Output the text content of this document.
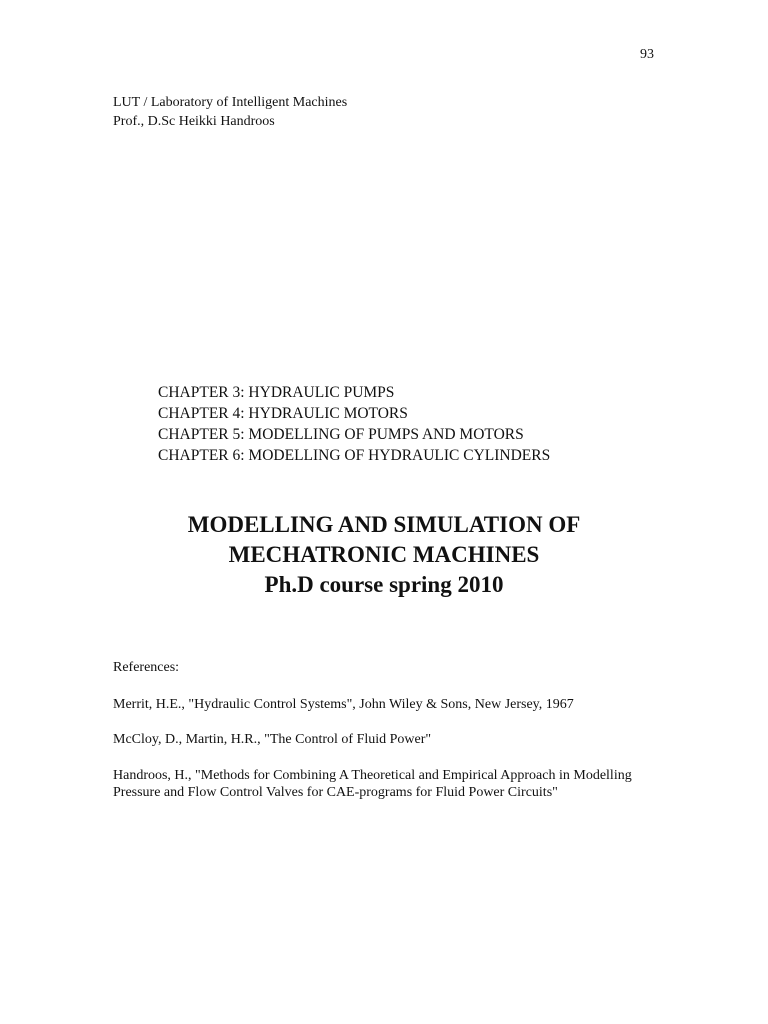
93
LUT / Laboratory of Intelligent Machines
Prof., D.Sc Heikki Handroos
CHAPTER 3: HYDRAULIC PUMPS
CHAPTER 4: HYDRAULIC MOTORS
CHAPTER 5: MODELLING OF PUMPS AND MOTORS
CHAPTER 6: MODELLING OF HYDRAULIC CYLINDERS
MODELLING AND SIMULATION OF
MECHATRONIC MACHINES
Ph.D course spring 2010
References:
Merrit, H.E., "Hydraulic Control Systems", John Wiley & Sons, New Jersey, 1967
McCloy, D., Martin, H.R., "The Control of Fluid Power"
Handroos, H., "Methods for Combining A Theoretical and Empirical Approach in Modelling Pressure and Flow Control Valves for CAE-programs for Fluid Power Circuits"
